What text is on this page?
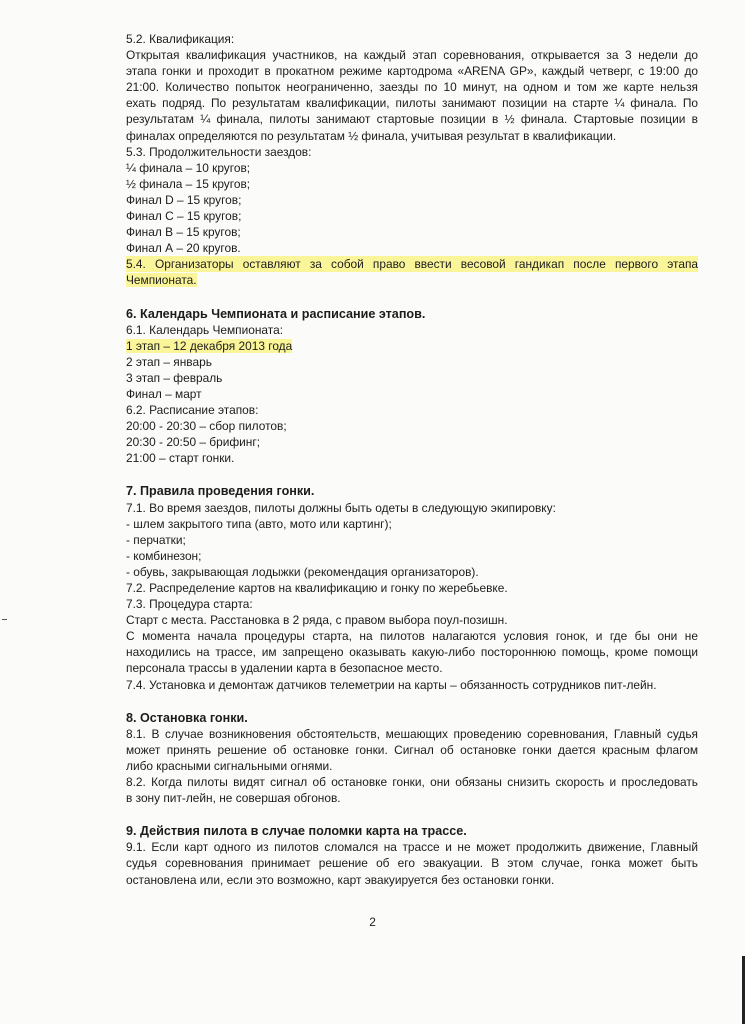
5.2. Квалификация:
Открытая квалификация участников, на каждый этап соревнования, открывается за 3 недели до
этапа гонки и проходит в прокатном режиме картодрома «ARENA GP», каждый четверг, с 19:00 до
21:00. Количество попыток неограниченно, заезды по 10 минут, на одном и том же карте нельзя
ехать подряд. По результатам квалификации, пилоты занимают позиции на старте ¼ финала. По
результатам ¼ финала, пилоты занимают стартовые позиции в ½ финала. Стартовые позиции в
финалах определяются по результатам ½ финала, учитывая результат в квалификации.
5.3. Продолжительности заездов:
¼ финала – 10 кругов;
½ финала – 15 кругов;
Финал D – 15 кругов;
Финал С – 15 кругов;
Финал В – 15 кругов;
Финал А – 20 кругов.
5.4. Организаторы оставляют за собой право ввести весовой гандикап после первого этапа
Чемпионата.
6. Календарь Чемпионата и расписание этапов.
6.1. Календарь Чемпионата:
1 этап – 12 декабря 2013 года
2 этап – январь
3 этап – февраль
Финал – март
6.2. Расписание этапов:
20:00 - 20:30 – сбор пилотов;
20:30 - 20:50 – брифинг;
21:00 – старт гонки.
7. Правила проведения гонки.
7.1. Во время заездов, пилоты должны быть одеты в следующую экипировку:
- шлем закрытого типа (авто, мото или картинг);
- перчатки;
- комбинезон;
- обувь, закрывающая лодыжки (рекомендация организаторов).
7.2. Распределение картов на квалификацию и гонку по жеребьевке.
7.3. Процедура старта:
Старт с места. Расстановка в 2 ряда, с правом выбора поул-позишн.
С момента начала процедуры старта, на пилотов налагаются условия гонок, и где бы они не
находились на трассе, им запрещено оказывать какую-либо постороннюю помощь, кроме помощи
персонала трассы в удалении карта в безопасное место.
7.4. Установка и демонтаж датчиков телеметрии на карты – обязанность сотрудников пит-лейн.
8. Остановка гонки.
8.1. В случае возникновения обстоятельств, мешающих проведению соревнования, Главный судья
может принять решение об остановке гонки. Сигнал об остановке гонки дается красным флагом
либо красными сигнальными огнями.
8.2. Когда пилоты видят сигнал об остановке гонки, они обязаны снизить скорость и проследовать
в зону пит-лейн, не совершая обгонов.
9. Действия пилота в случае поломки карта на трассе.
9.1. Если карт одного из пилотов сломался на трассе и не может продолжить движение, Главный
судья соревнования принимает решение об его эвакуации. В этом случае, гонка может быть
остановлена или, если это возможно, карт эвакуируется без остановки гонки.
2
